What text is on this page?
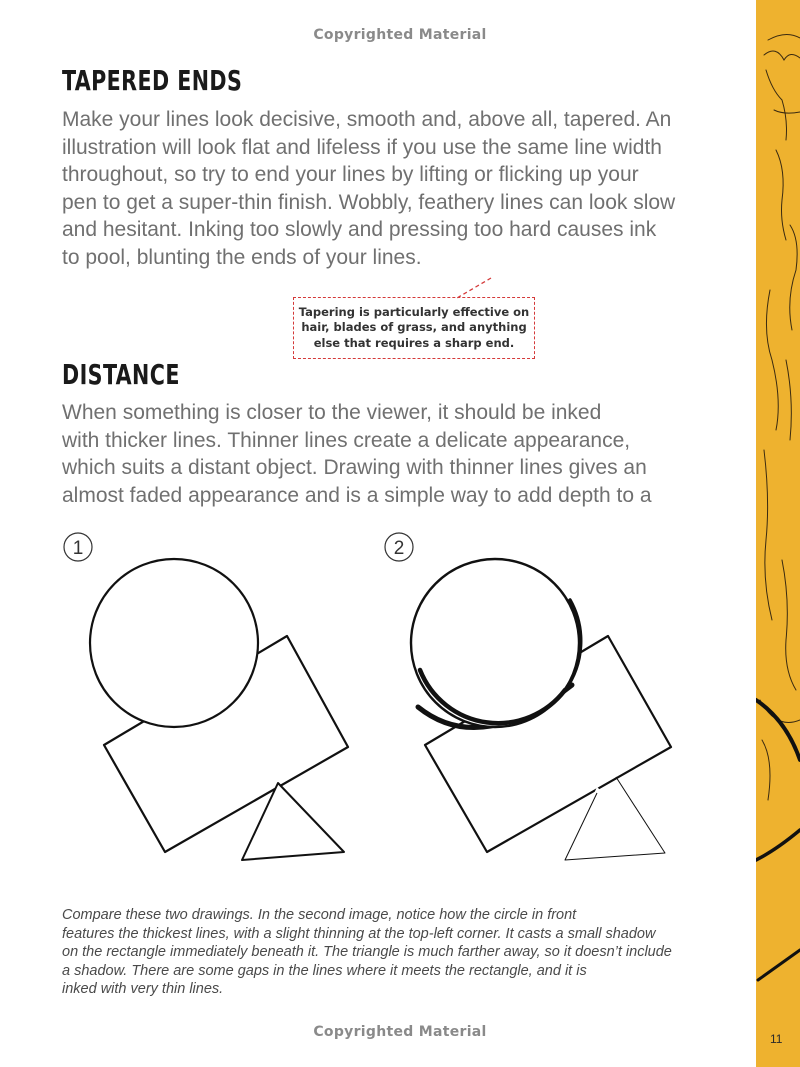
Copyrighted Material
TAPERED ENDS

Make your lines look decisive, smooth and, above all, tapered. An
illustration will look flat and lifeless if you use the same line width
throughout, so try to end your lines by lifting or flicking up your
pen to get a super-thin finish. Wobbly, feathery lines can look slow
and hesitant. Inking too slowly and pressing too hard causes ink
to pool, blunting the ends of your lines.

Tapering is particularly effective on
hair, blades of grass, and anything
else that requires a sharp end.
DISTANCE

When something is closer to the viewer, it should be inked
with thicker lines. Thinner lines create a delicate appearance,
which suits a distant object. Drawing with thinner lines gives an
almost faded appearance and is a simple way to add depth to a

1	2

Compare these two drawings. In the second image, notice how the circle in front
features the thickest lines, with a slight thinning at the top-left corner. It casts a small shadow
on the rectangle immediately beneath it. The triangle is much farther away, so it doesn’t include
a shadow. There are some gaps in the lines where it meets the rectangle, and it is
inked with very thin lines.

Copyrighted Material	11
